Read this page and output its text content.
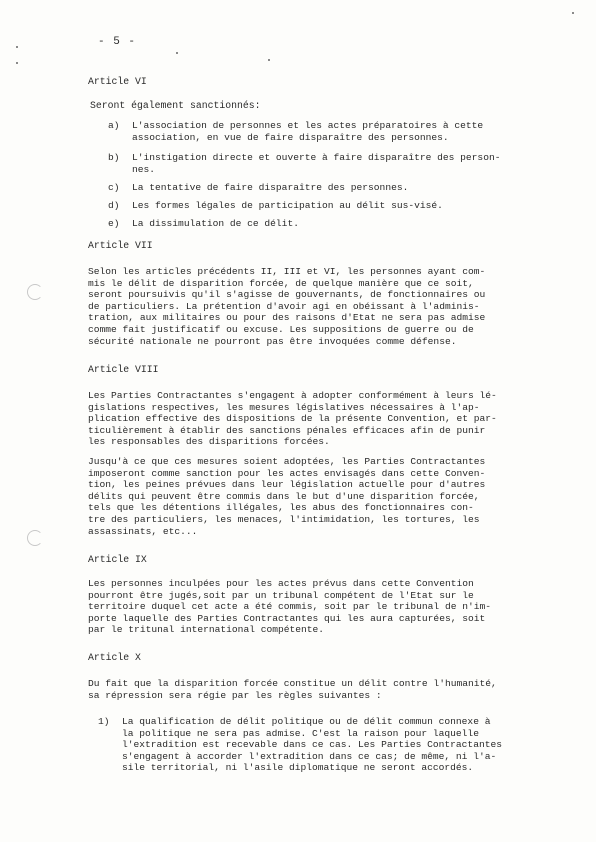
- 5 -
Article VI
Seront également sanctionnés:
a) L'association de personnes et les actes préparatoires à cette
association, en vue de faire disparaître des personnes.
b) L'instigation directe et ouverte à faire disparaître des person-
nes.
c) La tentative de faire disparaître des personnes.
d) Les formes légales de participation au délit sus-visé.
e) La dissimulation de ce délit.
Article VII
Selon les articles précédents II, III et VI, les personnes ayant com-
mis le délit de disparition forcée, de quelque manière que ce soit,
seront poursuivis qu'il s'agisse de gouvernants, de fonctionnaires ou
de particuliers. La prétention d'avoir agi en obéissant à l'adminis-
tration, aux militaires ou pour des raisons d'Etat ne sera pas admise
comme fait justificatif ou excuse. Les suppositions de guerre ou de
sécurité nationale ne pourront pas être invoquées comme défense.
Article VIII
Les Parties Contractantes s'engagent à adopter conformément à leurs lé-
gislations respectives, les mesures législatives nécessaires à l'ap-
plication effective des dispositions de la présente Convention, et par-
ticulièrement à établir des sanctions pénales efficaces afin de punir
les responsables des disparitions forcées.
Jusqu'à ce que ces mesures soient adoptées, les Parties Contractantes
imposeront comme sanction pour les actes envisagés dans cette Conven-
tion, les peines prévues dans leur législation actuelle pour d'autres
délits qui peuvent être commis dans le but d'une disparition forcée,
tels que les détentions illégales, les abus des fonctionnaires con-
tre des particuliers, les menaces, l'intimidation, les tortures, les
assassinats, etc...
Article IX
Les personnes inculpées pour les actes prévus dans cette Convention
pourront être jugés,soit par un tribunal compétent de l'Etat sur le
territoire duquel cet acte a été commis, soit par le tribunal de n'im-
porte laquelle des Parties Contractantes qui les aura capturées, soit
par le tritunal international compétente.
Article X
Du fait que la disparition forcée constitue un délit contre l'humanité,
sa répression sera régie par les règles suivantes :
1) La qualification de délit politique ou de délit commun connexe à
la politique ne sera pas admise. C'est la raison pour laquelle
l'extradition est recevable dans ce cas. Les Parties Contractantes
s'engagent à accorder l'extradition dans ce cas; de même, ni l'a-
sile territorial, ni l'asile diplomatique ne seront accordés.
